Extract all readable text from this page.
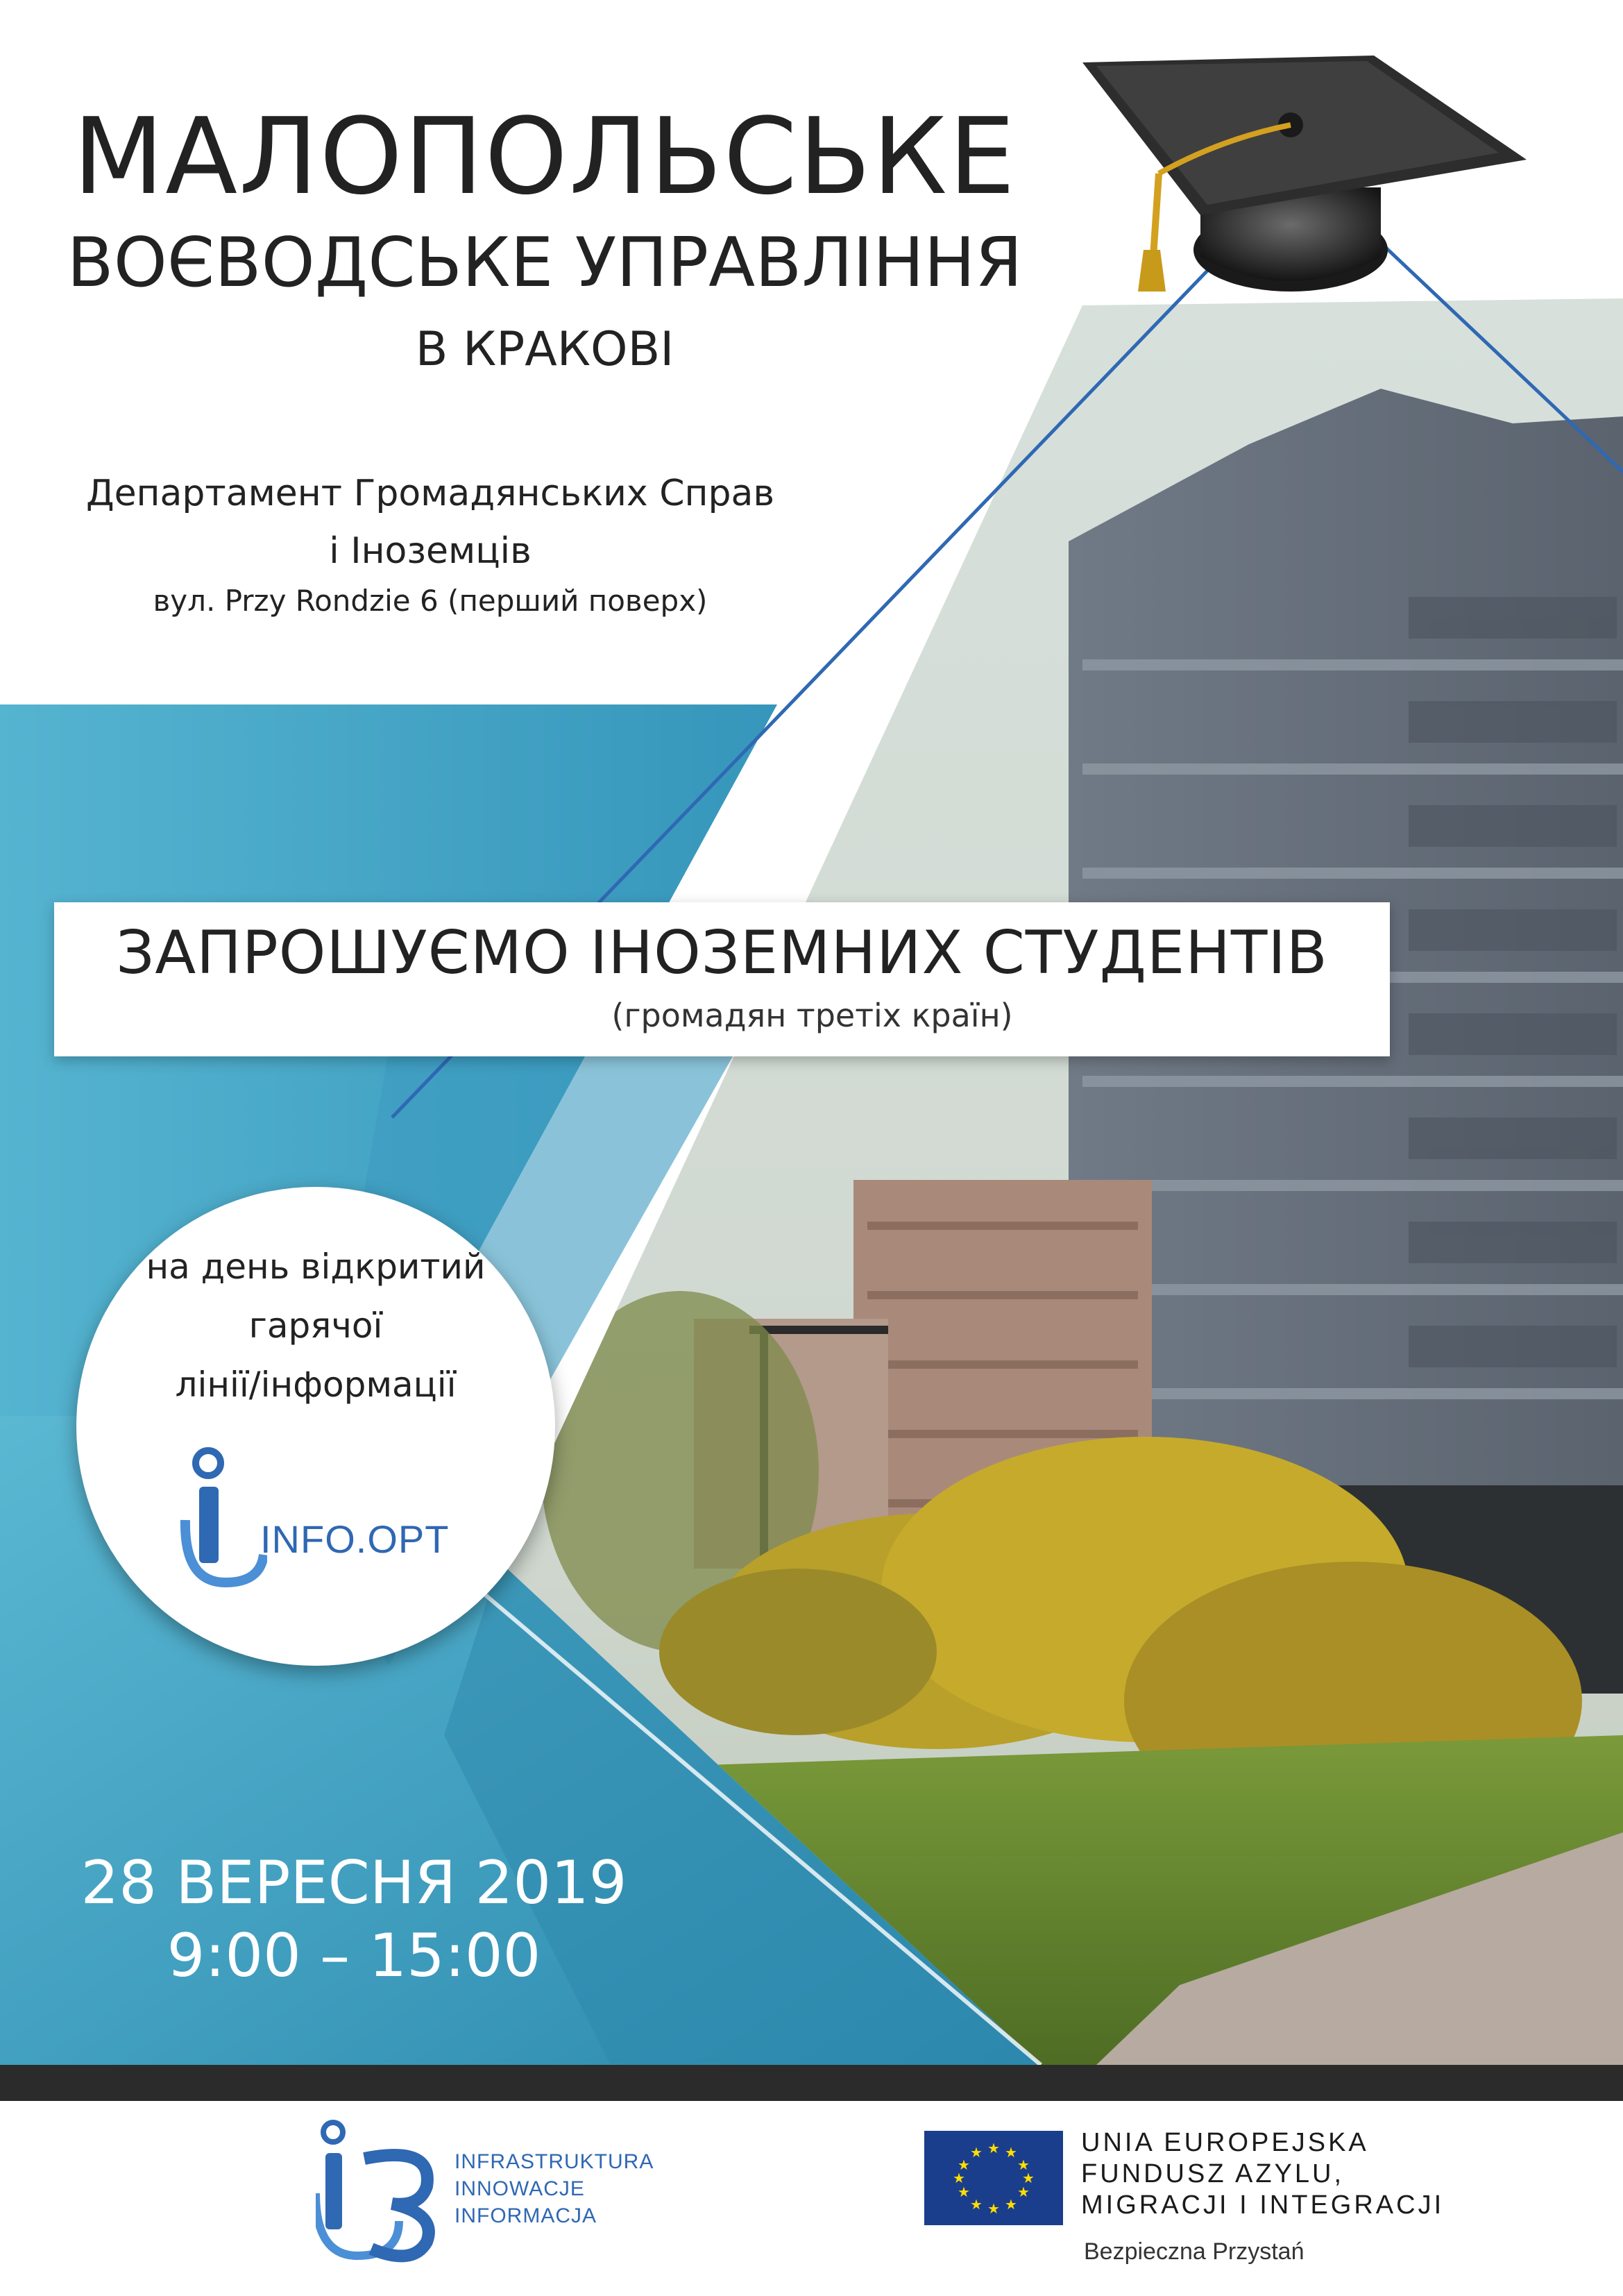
МАЛОПОЛЬСЬКЕ
ВОЄВОДСЬКЕ УПРАВЛІННЯ
В КРАКОВІ
Департамент Громадянських Справ
і Іноземців
вул. Przy Rondzie 6 (перший поверх)
ЗАПРОШУЄМО ІНОЗЕМНИХ СТУДЕНТІВ
(громадян третіх країн)
на день відкритий
гарячої
лінії/інформації
INFO.OPT
28 ВЕРЕСНЯ 2019
9:00 – 15:00
INFRASTRUKTURA
INNOWACJE
INFORMACJA
★ ★
★
★
★
★
★
★
★
★
★
★	UNIA EUROPEJSKA
FUNDUSZ AZYLU,
MIGRACJI I INTEGRACJI
Bezpieczna Przystań
